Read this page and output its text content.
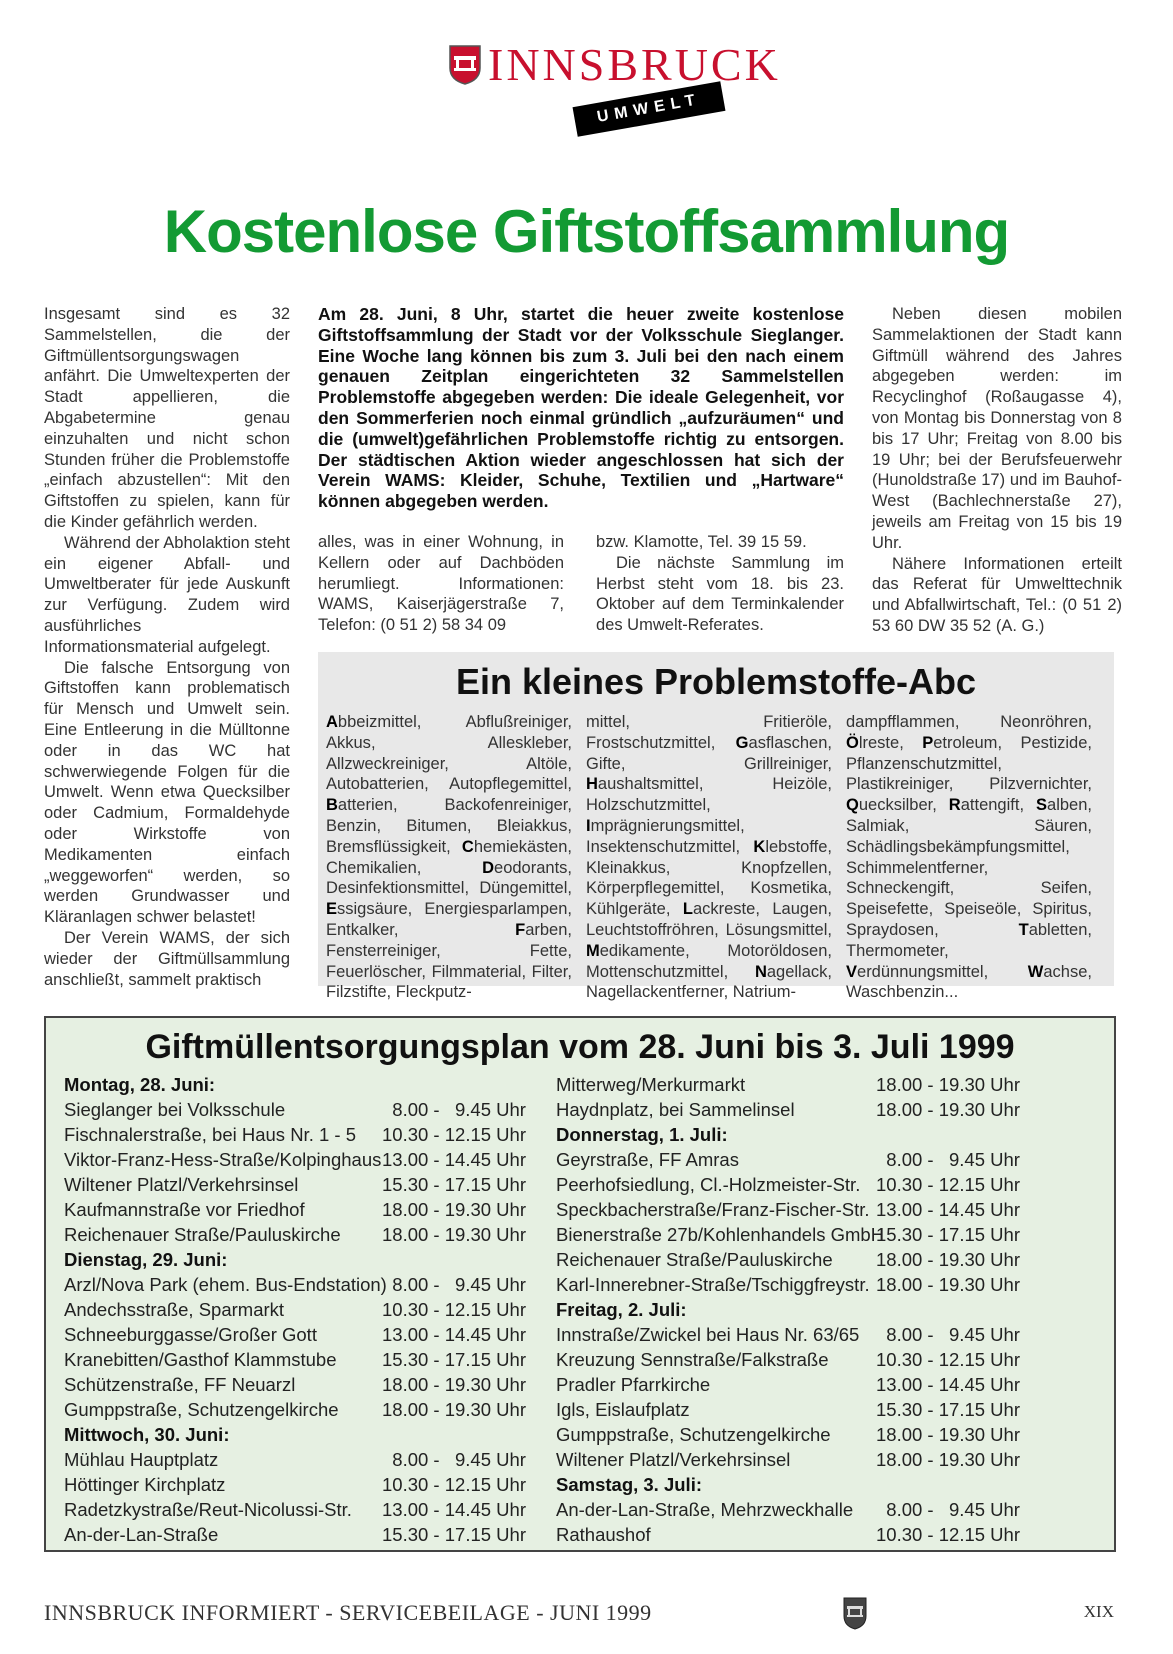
INNSBRUCK
UMWELT
Kostenlose Giftstoffsammlung

Insgesamt sind es 32 Sammelstellen, die der Giftmüllentsorgungswagen anfährt. Die Umweltexperten der Stadt appellieren, die Abgabetermine genau einzuhalten und nicht schon Stunden früher die Problemstoffe „einfach abzustellen“: Mit den Giftstoffen zu spielen, kann für die Kinder gefährlich werden.

Während der Abholaktion steht ein eigener Abfall- und Umweltberater für jede Auskunft zur Verfügung. Zudem wird ausführliches Informationsmaterial aufgelegt.

Die falsche Entsorgung von Giftstoffen kann problematisch für Mensch und Umwelt sein. Eine Entleerung in die Mülltonne oder in das WC hat schwerwiegende Folgen für die Umwelt. Wenn etwa Quecksilber oder Cadmium, Formaldehyde oder Wirkstoffe von Medikamenten einfach „weggeworfen“ werden, so werden Grundwasser und Kläranlagen schwer belastet!

Der Verein WAMS, der sich wieder der Giftmüllsammlung anschließt, sammelt praktisch

Am 28. Juni, 8 Uhr, startet die heuer zweite kostenlose Giftstoffsammlung der Stadt vor der Volksschule Sieglanger. Eine Woche lang können bis zum 3. Juli bei den nach einem genauen Zeitplan eingerichteten 32 Sammelstellen Problemstoffe abgegeben werden: Die ideale Gelegenheit, vor den Sommerferien noch einmal gründlich „aufzuräumen“ und die (umwelt)gefährlichen Problemstoffe richtig zu entsorgen. Der städtischen Aktion wieder angeschlossen hat sich der Verein WAMS: Kleider, Schuhe, Textilien und „Hartware“ können abgegeben werden.

alles, was in einer Wohnung, in Kellern oder auf Dachböden herumliegt. Informationen: WAMS, Kaiserjägerstraße 7, Telefon: (0 51 2) 58 34 09

bzw. Klamotte, Tel. 39 15 59.

Die nächste Sammlung im Herbst steht vom 18. bis 23. Oktober auf dem Terminkalender des Umwelt-Referates.

Neben diesen mobilen Sammelaktionen der Stadt kann Giftmüll während des Jahres abgegeben werden: im Recyclinghof (Roßaugasse 4), von Montag bis Donnerstag von 8 bis 17 Uhr; Freitag von 8.00 bis 19 Uhr; bei der Berufsfeuerwehr (Hunoldstraße 17) und im Bauhof-West (Bachlechnerstaße 27), jeweils am Freitag von 15 bis 19 Uhr.

Nähere Informationen erteilt das Referat für Umwelttechnik und Abfallwirtschaft, Tel.: (0 51 2) 53 60 DW 35 52 (A. G.)

Ein kleines Problemstoffe-Abc
Abbeizmittel, Abflußreiniger, Akkus, Alleskleber, Allzweckreiniger, Altöle, Autobatterien, Autopflegemittel, Batterien, Backofenreiniger, Benzin, Bitumen, Bleiakkus, Bremsflüssigkeit, Chemiekästen, Chemikalien, Deodorants, Desinfektionsmittel, Düngemittel, Essigsäure, Energiesparlampen, Entkalker, Farben, Fensterreiniger, Fette, Feuerlöscher, Filmmaterial, Filter, Filzstifte, Fleckputz-
mittel, Fritieröle, Frostschutzmittel, Gasflaschen, Gifte, Grillreiniger, Haushaltsmittel, Heizöle, Holzschutzmittel, Imprägnierungsmittel, Insektenschutzmittel, Klebstoffe, Kleinakkus, Knopfzellen, Körperpflegemittel, Kosmetika, Kühlgeräte, Lackreste, Laugen, Leuchtstoffröhren, Lösungsmittel, Medikamente, Motoröldosen, Mottenschutzmittel, Nagellack, Nagellackentferner, Natrium-
dampfflammen, Neonröhren, Ölreste, Petroleum, Pestizide, Pflanzenschutzmittel, Plastikreiniger, Pilzvernichter, Quecksilber, Rattengift, Salben, Salmiak, Säuren, Schädlingsbekämpfungsmittel, Schimmelentferner, Schneckengift, Seifen, Speisefette, Speiseöle, Spiritus, Spraydosen, Tabletten, Thermometer, Verdünnungsmittel, Wachse, Waschbenzin...
Giftmüllentsorgungsplan vom 28. Juni bis 3. Juli 1999
Montag, 28. Juni:
Sieglanger bei Volksschule	8.00 -   9.45 Uhr
Fischnalerstraße, bei Haus Nr. 1 - 5 10.30 - 12.15 Uhr
Viktor-Franz-Hess-Straße/Kolpinghaus 13.00 - 14.45 Uhr
Wiltener Platzl/Verkehrsinsel	15.30 - 17.15 Uhr
Kaufmannstraße vor Friedhof	18.00 - 19.30 Uhr
Reichenauer Straße/Pauluskirche 18.00 - 19.30 Uhr
Dienstag, 29. Juni:
Arzl/Nova Park (ehem. Bus-Endstation)
8.00 -   9.45 Uhr
Andechsstraße, Sparmarkt	10.30 - 12.15 Uhr
Schneeburggasse/Großer Gott	13.00 - 14.45 Uhr
Kranebitten/Gasthof Klammstube 15.30 - 17.15 Uhr
Schützenstraße, FF Neuarzl	18.00 - 19.30 Uhr
Gumppstraße, Schutzengelkirche 18.00 - 19.30 Uhr
Mittwoch, 30. Juni:
Mühlau Hauptplatz	8.00 -   9.45 Uhr
Höttinger Kirchplatz	10.30 - 12.15 Uhr
Radetzkystraße/Reut-Nicolussi-Str. 13.00 - 14.45 Uhr
An-der-Lan-Straße	15.30 - 17.15 Uhr
Mitterweg/Merkurmarkt	18.00 - 19.30 Uhr
Haydnplatz, bei Sammelinsel	18.00 - 19.30 Uhr
Donnerstag, 1. Juli:
Geyrstraße, FF Amras	8.00 -   9.45 Uhr
Peerhofsiedlung, Cl.-Holzmeister-Str. 10.30 - 12.15 Uhr
Speckbacherstraße/Franz-Fischer-Str. 13.00 - 14.45 Uhr
Bienerstraße 27b/Kohlenhandels GmbH
15.30 - 17.15 Uhr
Reichenauer Straße/Pauluskirche 18.00 - 19.30 Uhr
Karl-Innerebner-Straße/Tschiggfreystr. 18.00 - 19.30 Uhr
Freitag, 2. Juli:
Innstraße/Zwickel bei Haus Nr. 63/65 8.00 -   9.45 Uhr
Kreuzung Sennstraße/Falkstraße	10.30 - 12.15 Uhr
Pradler Pfarrkirche	13.00 - 14.45 Uhr
Igls, Eislaufplatz	15.30 - 17.15 Uhr
Gumppstraße, Schutzengelkirche 18.00 - 19.30 Uhr
Wiltener Platzl/Verkehrsinsel	18.00 - 19.30 Uhr
Samstag, 3. Juli:
An-der-Lan-Straße, Mehrzweckhalle 8.00 -   9.45 Uhr
Rathaushof	10.30 - 12.15 Uhr
INNSBRUCK INFORMIERT - SERVICEBEILAGE - JUNI 1999	XIX
